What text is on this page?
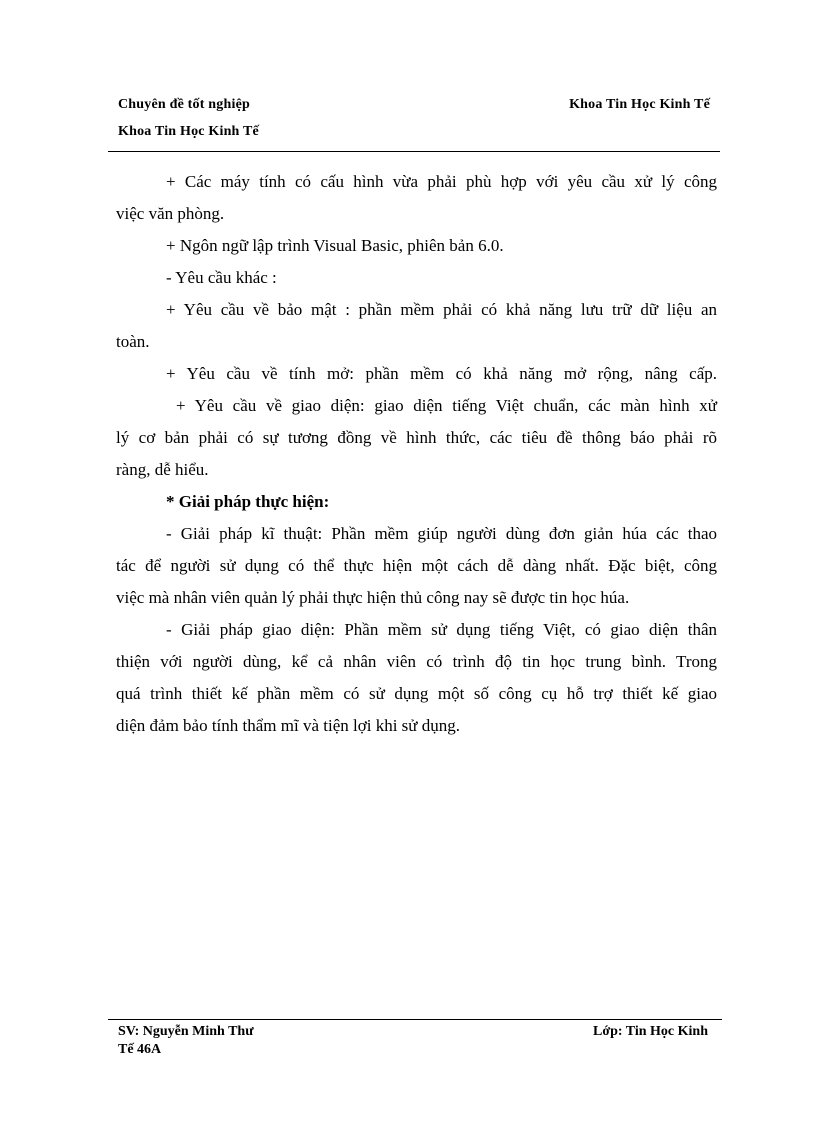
Chuyên đề tốt nghiệp	Khoa Tin Học Kinh Tế
Khoa Tin Học Kinh Tế

+ Các máy tính có cấu hình vừa phải phù hợp với yêu cầu xử lý công

việc văn phòng.

+ Ngôn ngữ lập trình Visual Basic, phiên bản 6.0.

- Yêu cầu khác :

+ Yêu cầu về bảo mật : phần mềm phải có khả năng lưu trữ dữ liệu an

toàn.

+ Yêu cầu về tính mở: phần mềm có khả năng mở rộng, nâng cấp.

+ Yêu cầu về giao diện: giao diện tiếng Việt chuẩn, các màn hình xử

lý cơ bản phải có sự tương đồng về hình thức, các tiêu đề thông báo phải rõ

ràng, dễ hiểu.

* Giải pháp thực hiện:

- Giải pháp kĩ thuật: Phần mềm giúp người dùng đơn giản húa các thao

tác để người sử dụng có thể thực hiện một cách dễ dàng nhất. Đặc biệt, công

việc mà nhân viên quản lý phải thực hiện thủ công nay sẽ được tin học húa.

- Giải pháp giao diện: Phần mềm sử dụng tiếng Việt, có giao diện thân

thiện với người dùng, kể cả nhân viên có trình độ tin học trung bình. Trong

quá trình thiết kế phần mềm có sử dụng một số công cụ hỗ trợ thiết kế giao

diện đảm bảo tính thẩm mĩ và tiện lợi khi sử dụng.

SV: Nguyễn Minh Thư	Lớp: Tin Học Kinh
Tế 46A
